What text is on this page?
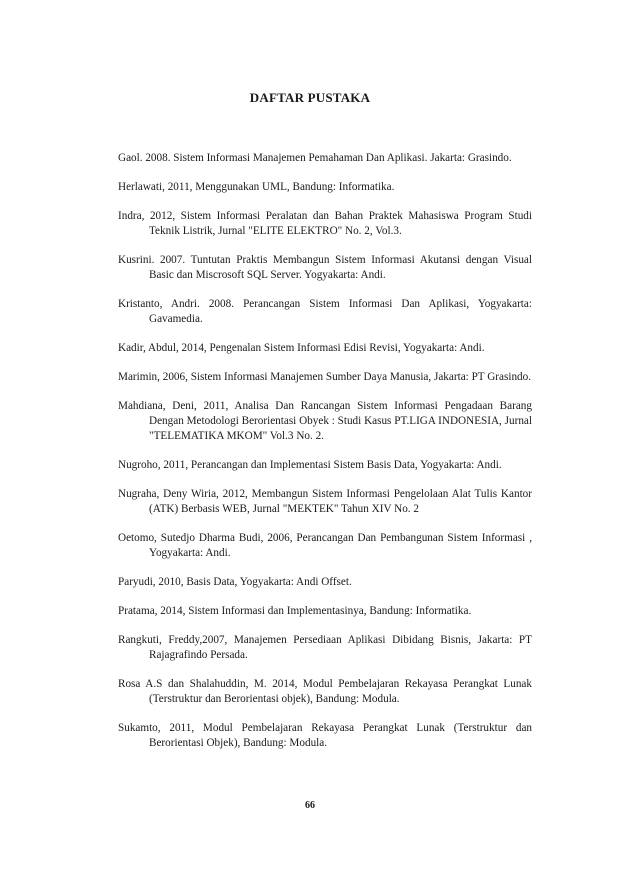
DAFTAR PUSTAKA

Gaol. 2008. Sistem Informasi Manajemen Pemahaman Dan Aplikasi. Jakarta: Grasindo.

Herlawati, 2011, Menggunakan UML, Bandung: Informatika.

Indra, 2012, Sistem Informasi Peralatan dan Bahan Praktek Mahasiswa Program Studi Teknik Listrik, Jurnal "ELITE ELEKTRO" No. 2, Vol.3.

Kusrini. 2007. Tuntutan Praktis Membangun Sistem Informasi Akutansi dengan Visual Basic dan Miscrosoft SQL Server. Yogyakarta: Andi.

Kristanto, Andri. 2008. Perancangan Sistem Informasi Dan Aplikasi, Yogyakarta: Gavamedia.

Kadir, Abdul, 2014, Pengenalan Sistem Informasi Edisi Revisi, Yogyakarta: Andi.

Marimin, 2006, Sistem Informasi Manajemen Sumber Daya Manusia, Jakarta: PT Grasindo.

Mahdiana, Deni, 2011, Analisa Dan Rancangan Sistem Informasi Pengadaan Barang Dengan Metodologi Berorientasi Obyek : Studi Kasus PT.LIGA INDONESIA, Jurnal "TELEMATIKA MKOM" Vol.3 No. 2.

Nugroho, 2011, Perancangan dan Implementasi Sistem Basis Data, Yogyakarta: Andi.

Nugraha, Deny Wiria, 2012, Membangun Sistem Informasi Pengelolaan Alat Tulis Kantor (ATK) Berbasis WEB, Jurnal "MEKTEK" Tahun XIV No. 2

Oetomo, Sutedjo Dharma Budi, 2006, Perancangan Dan Pembangunan Sistem Informasi , Yogyakarta: Andi.

Paryudi, 2010, Basis Data, Yogyakarta: Andi Offset.

Pratama, 2014, Sistem Informasi dan Implementasinya, Bandung: Informatika.

Rangkuti, Freddy,2007, Manajemen Persediaan Aplikasi Dibidang Bisnis, Jakarta: PT Rajagrafindo Persada.

Rosa A.S dan Shalahuddin, M. 2014, Modul Pembelajaran Rekayasa Perangkat Lunak (Terstruktur dan Berorientasi objek), Bandung: Modula.

Sukamto, 2011, Modul Pembelajaran Rekayasa Perangkat Lunak (Terstruktur dan Berorientasi Objek), Bandung: Modula.

66
